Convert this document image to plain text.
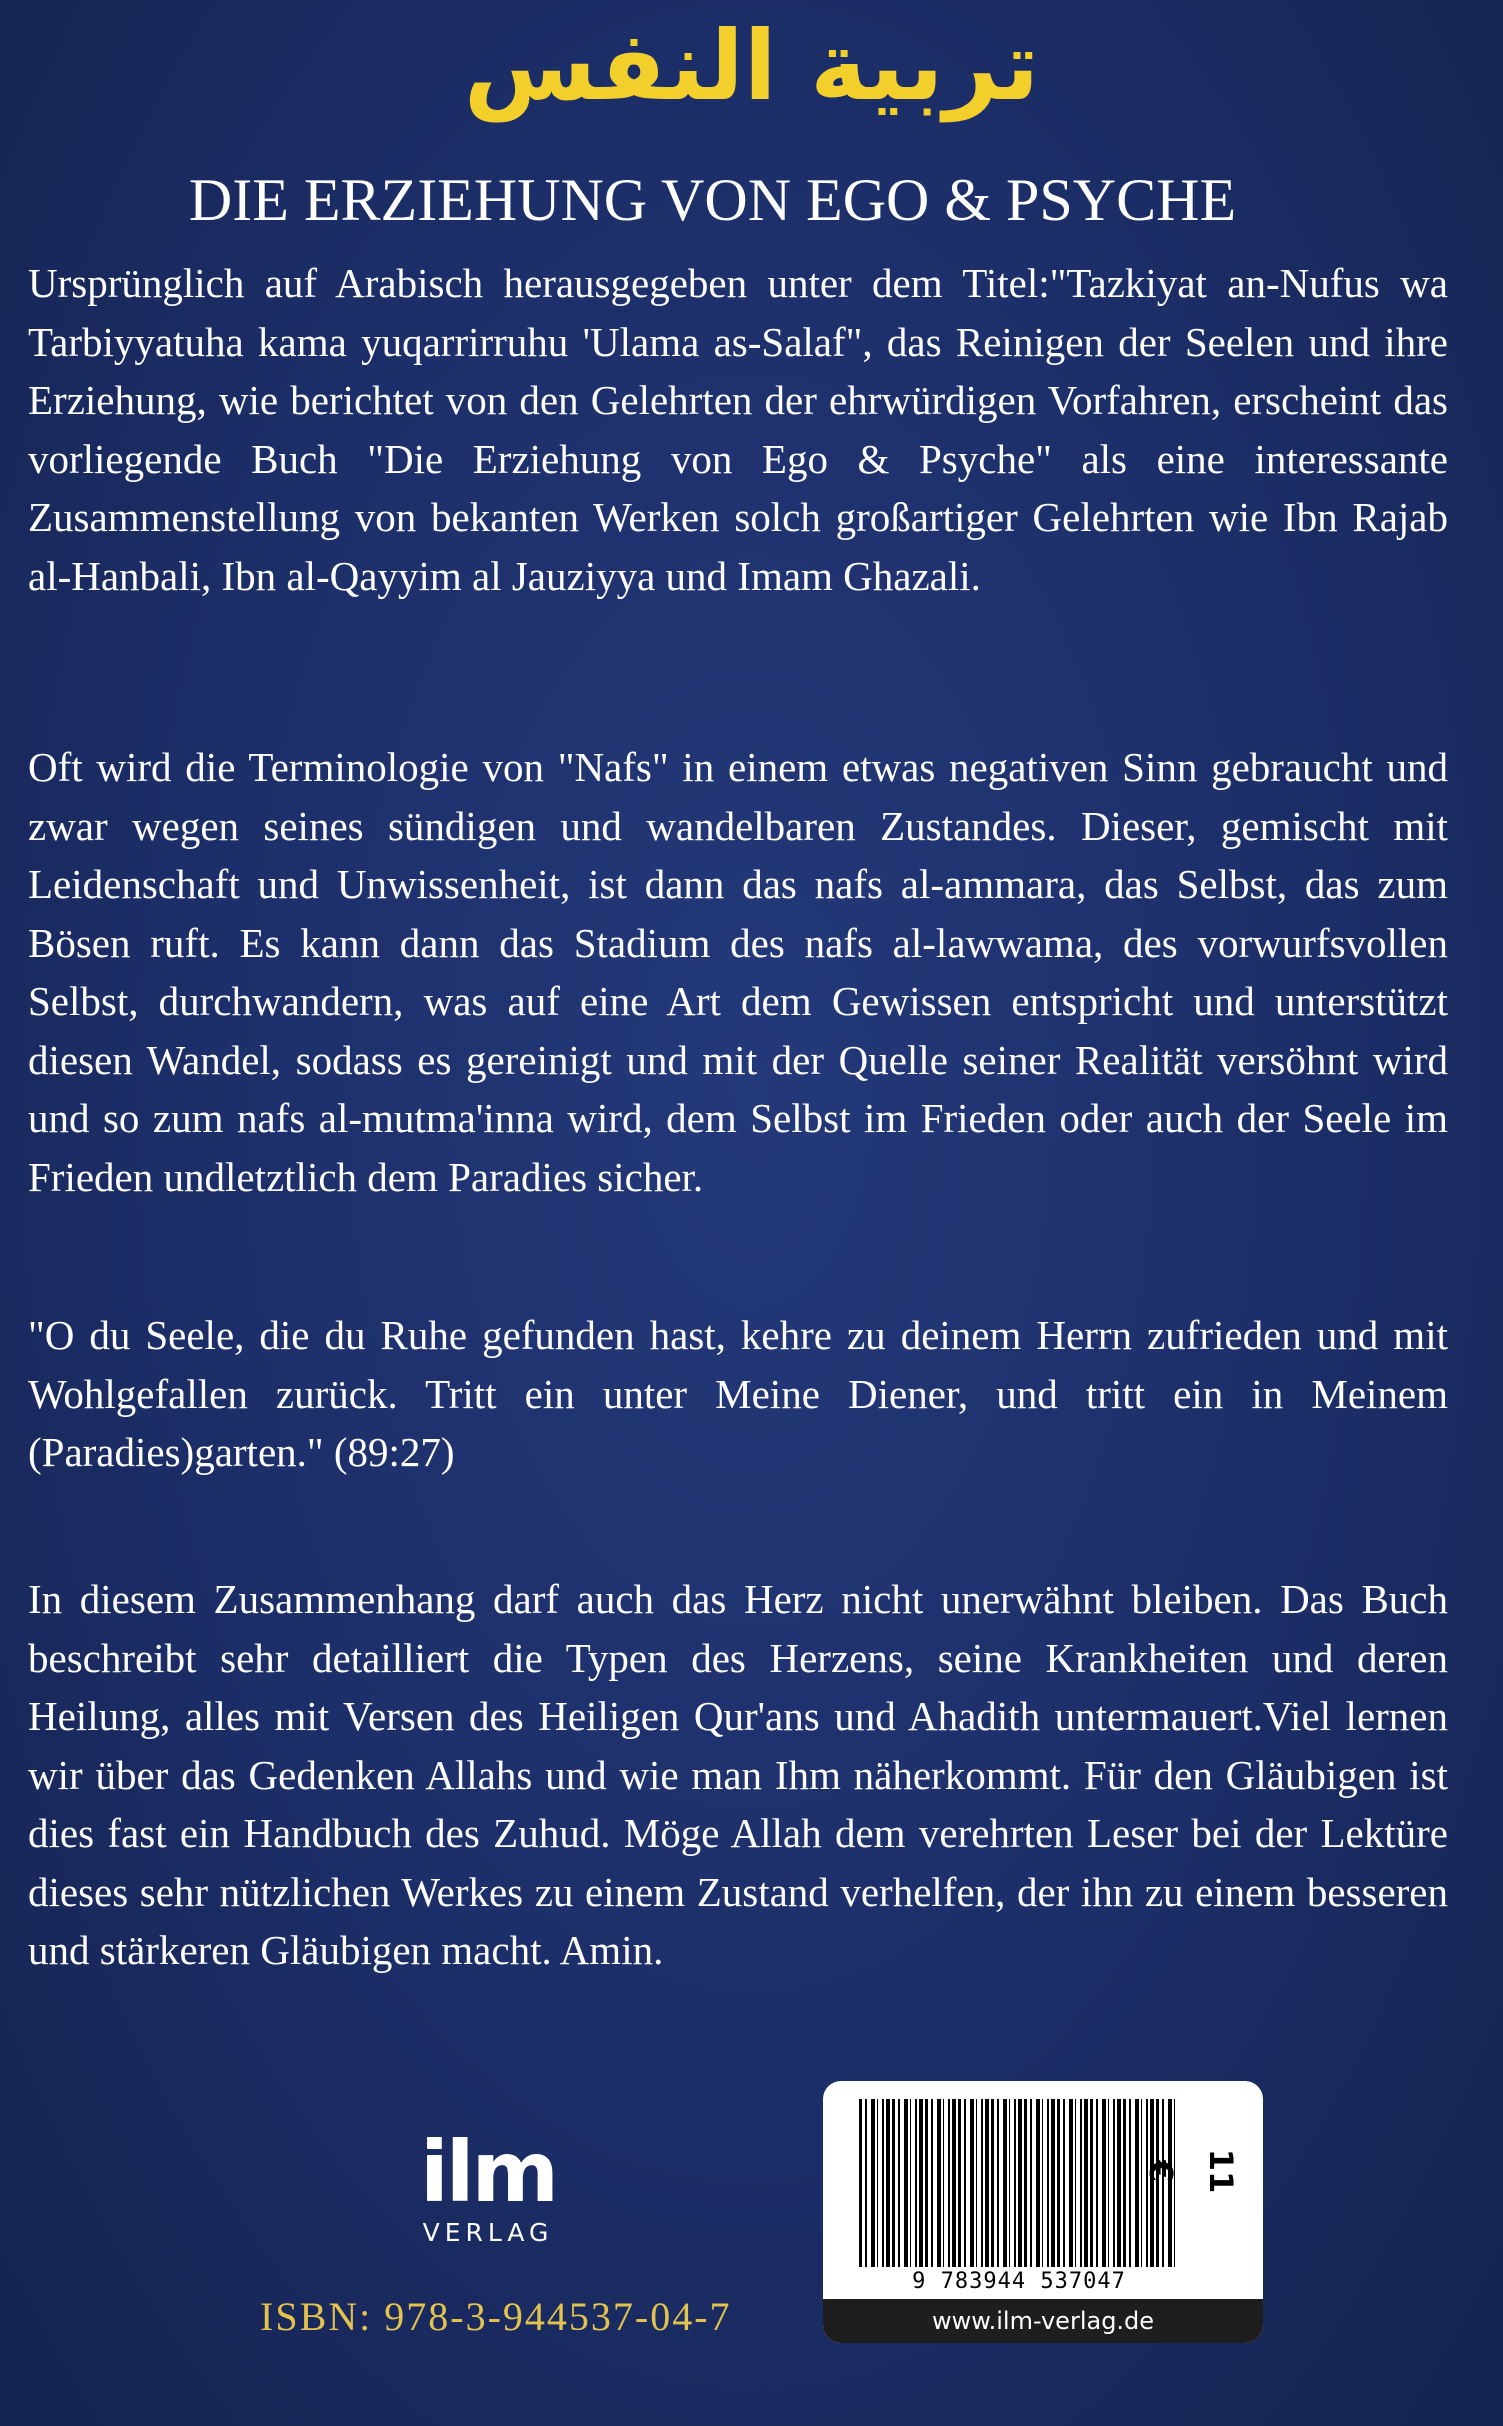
تربية النفس
DIE ERZIEHUNG VON EGO & PSYCHE
Ursprünglich auf Arabisch herausgegeben unter dem Titel:"Tazkiyat an-Nufus wa Tarbiyyatuha kama yuqarrirruhu 'Ulama as-Salaf", das Reinigen der Seelen und ihre Erziehung, wie berichtet von den Gelehrten der ehrwürdigen Vorfahren, erscheint das vorliegende Buch "Die Erziehung von Ego & Psyche" als eine interessante Zusammenstellung von bekanten Werken solch großartiger Gelehrten wie Ibn Rajab al-Hanbali, Ibn al-Qayyim al Jauziyya und Imam Ghazali.
Oft wird die Terminologie von "Nafs" in einem etwas negativen Sinn gebraucht und zwar wegen seines sündigen und wandelbaren Zustandes. Dieser, gemischt mit Leidenschaft und Unwissenheit, ist dann das nafs al-ammara, das Selbst, das zum Bösen ruft. Es kann dann das Stadium des nafs al-lawwama, des vorwurfsvollen Selbst, durchwandern, was auf eine Art dem Gewissen entspricht und unterstützt diesen Wandel, sodass es gereinigt und mit der Quelle seiner Realität versöhnt wird und so zum nafs al-mutma'inna wird, dem Selbst im Frieden oder auch der Seele im Frieden undletztlich dem Paradies sicher.
"O du Seele, die du Ruhe gefunden hast, kehre zu deinem Herrn zufrieden und mit Wohlgefallen zurück. Tritt ein unter Meine Diener, und tritt ein in Meinem (Paradies)garten." (89:27)
In diesem Zusammenhang darf auch das Herz nicht unerwähnt bleiben. Das Buch beschreibt sehr detailliert die Typen des Herzens, seine Krankheiten und deren Heilung, alles mit Versen des Heiligen Qur'ans und Ahadith untermauert.Viel lernen wir über das Gedenken Allahs und wie man Ihm näherkommt. Für den Gläubigen ist dies fast ein Handbuch des Zuhud. Möge Allah dem verehrten Leser bei der Lektüre dieses sehr nützlichen Werkes zu einem Zustand verhelfen, der ihn zu einem besseren und stärkeren Gläubigen macht. Amin.
ilm
VERLAG
ISBN: 978-3-944537-04-7
9 783944 537047
11 €
www.ilm-verlag.de
